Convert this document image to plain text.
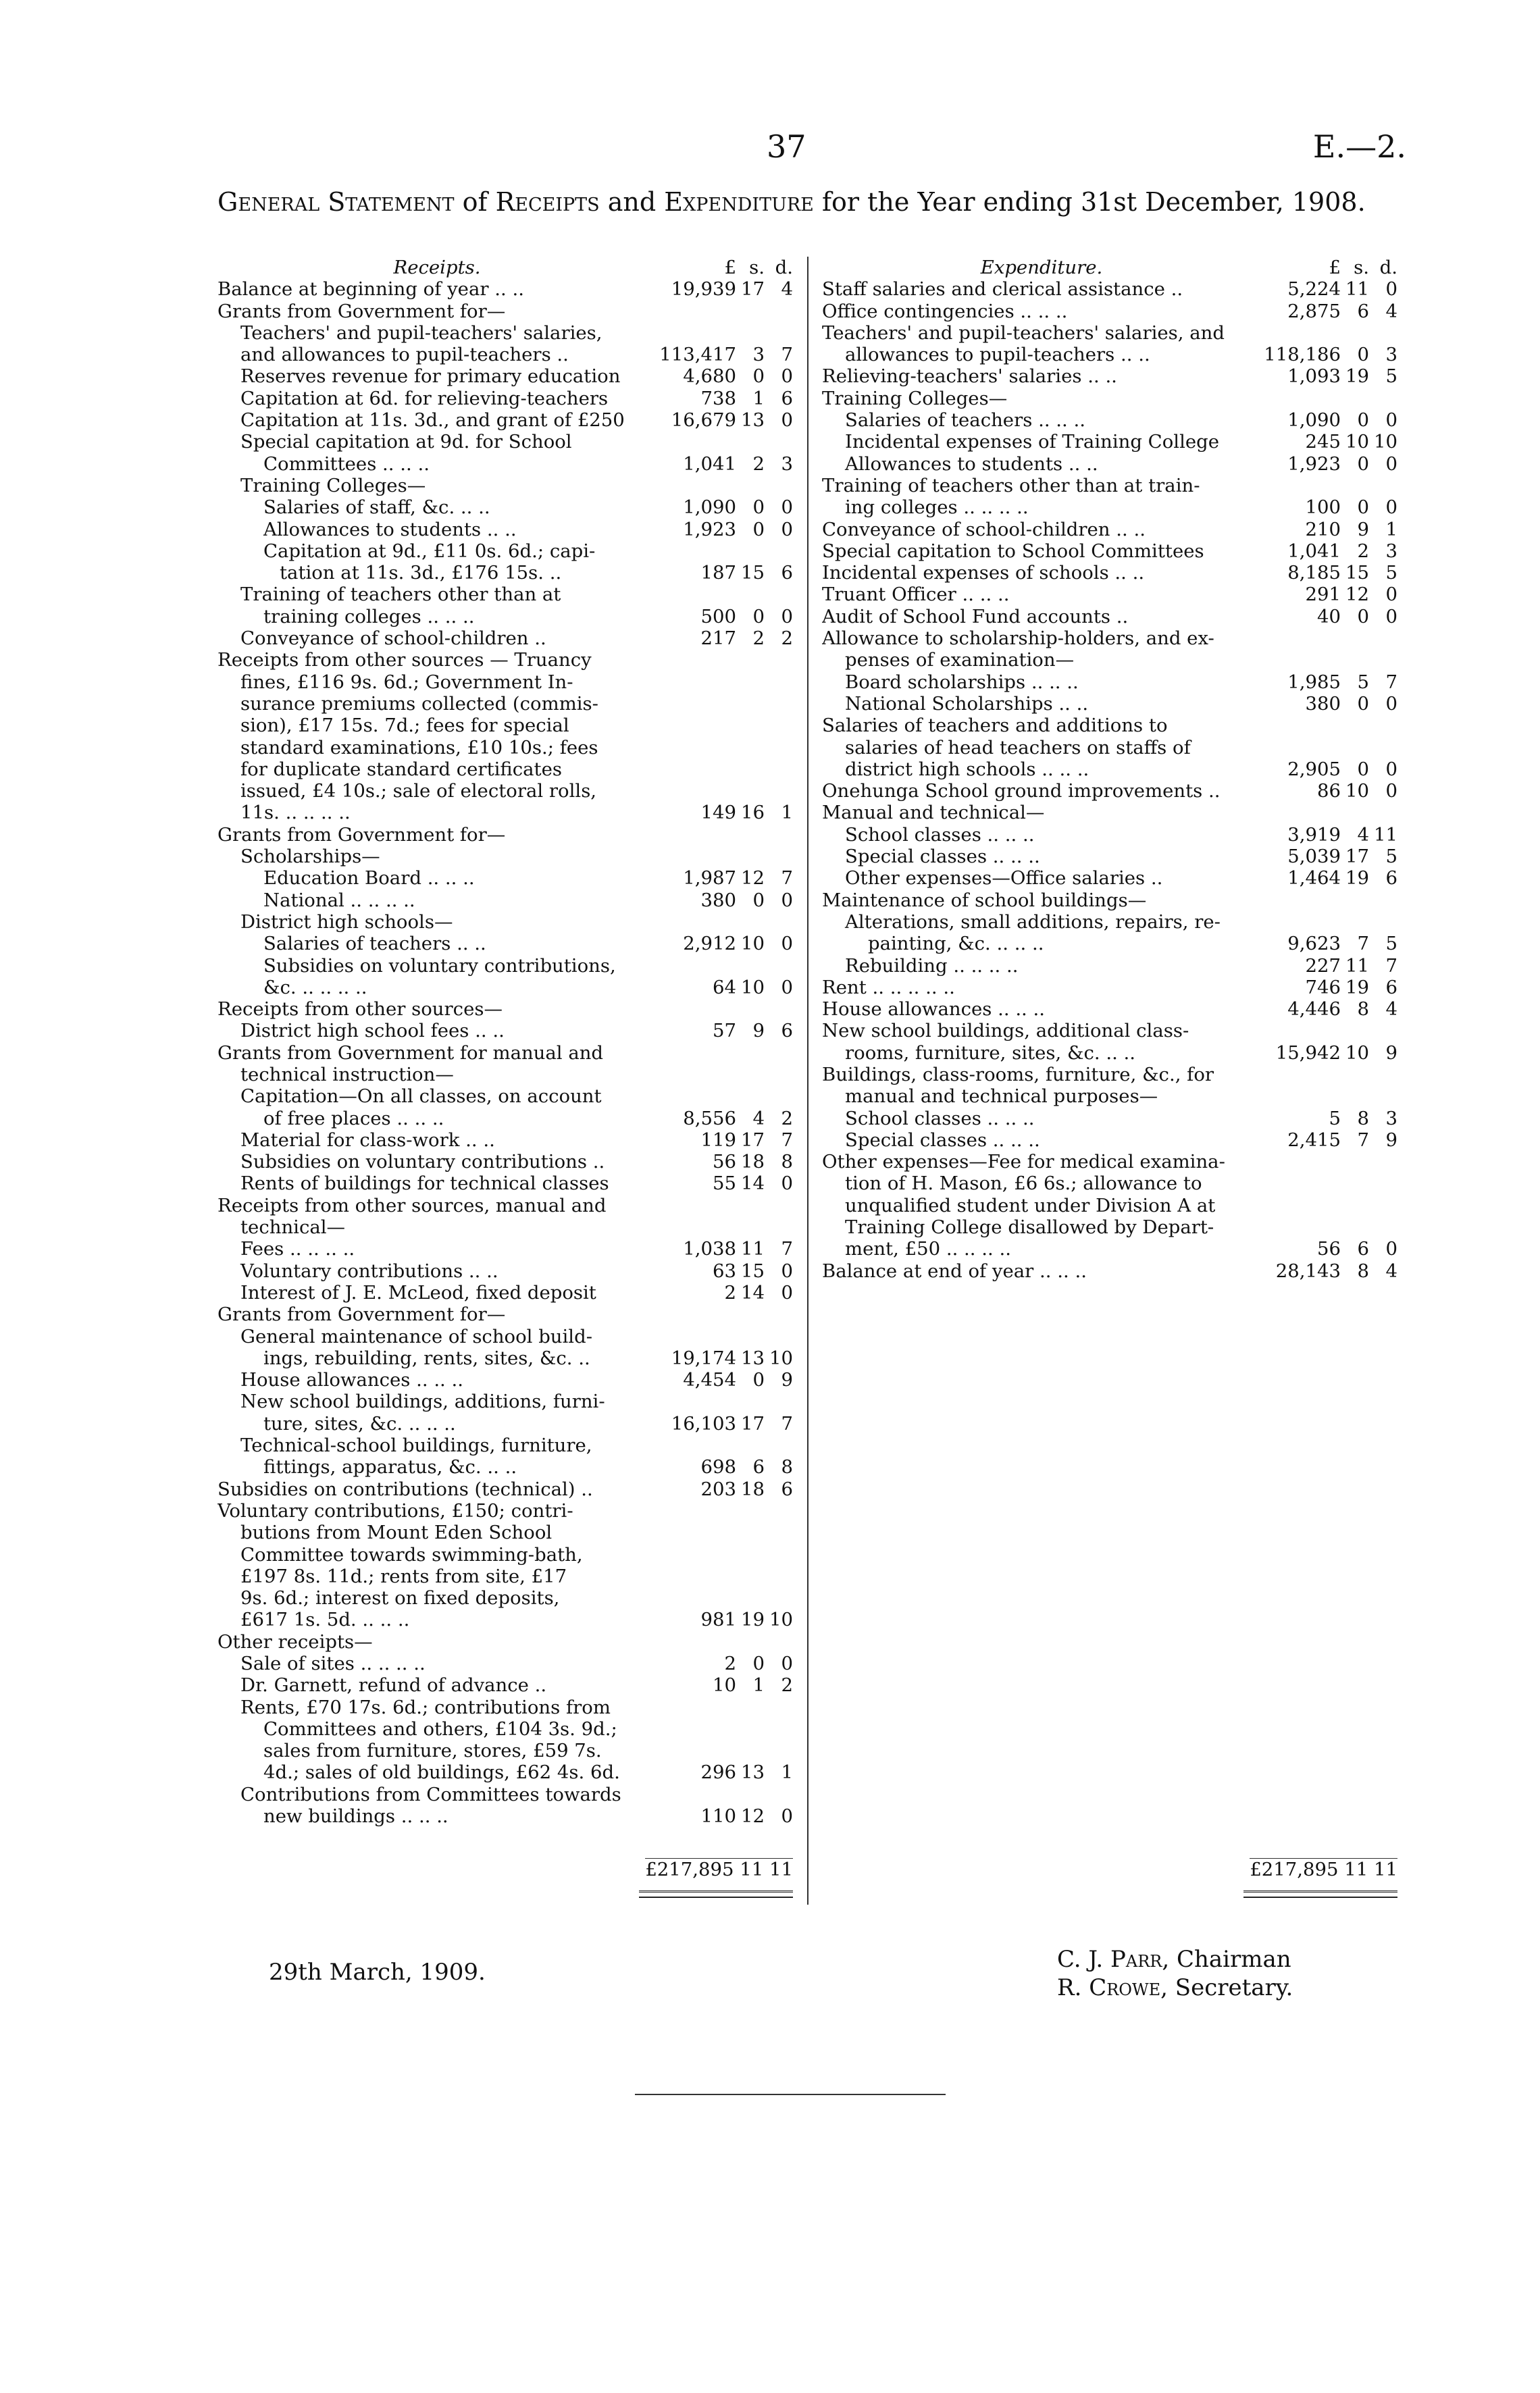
37	E.—2.
General Statement of Receipts and Expenditure for the Year ending 31st December, 1908.
Receipts.	£ s. d.
Balance at beginning of year .. ..	19,939 17 4
Grants from Government for—
Teachers' and pupil-teachers' salaries,
and allowances to pupil-teachers ..	113,417 3 7
Reserves revenue for primary education	4,680 0 0
Capitation at 6d. for relieving-teachers	738 1 6
Capitation at 11s. 3d., and grant of £250	16,679 13 0
Special capitation at 9d. for School
Committees .. .. ..	1,041 2 3
Training Colleges—
Salaries of staff, &c. .. ..	1,090 0 0
Allowances to students .. ..	1,923 0 0
Capitation at 9d., £11 0s. 6d.; capi-
tation at 11s. 3d., £176 15s. ..	187 15 6
Training of teachers other than at
training colleges .. .. ..	500 0 0
Conveyance of school-children ..	217 2 2
Receipts from other sources — Truancy
fines, £116 9s. 6d.; Government In-
surance premiums collected (commis-
sion), £17 15s. 7d.; fees for special
standard examinations, £10 10s.; fees
for duplicate standard certificates
issued, £4 10s.; sale of electoral rolls,
11s. .. .. .. ..	149 16 1
Grants from Government for—
Scholarships—
Education Board .. .. ..	1,987 12 7
National .. .. .. ..	380 0 0
District high schools—
Salaries of teachers .. ..	2,912 10 0
Subsidies on voluntary contributions,
&c. .. .. .. ..	64 10 0
Receipts from other sources—
District high school fees .. ..	57 9 6
Grants from Government for manual and
technical instruction—
Capitation—On all classes, on account
of free places .. .. ..	8,556 4 2
Material for class-work .. ..	119 17 7
Subsidies on voluntary contributions ..	56 18 8
Rents of buildings for technical classes	55 14 0
Receipts from other sources, manual and
technical—
Fees .. .. .. ..	1,038 11 7
Voluntary contributions .. ..	63 15 0
Interest of J. E. McLeod, fixed deposit	2 14 0
Grants from Government for—
General maintenance of school build-
ings, rebuilding, rents, sites, &c. ..	19,174 13 10
House allowances .. .. ..	4,454 0 9
New school buildings, additions, furni-
ture, sites, &c. .. .. ..	16,103 17 7
Technical-school buildings, furniture,
fittings, apparatus, &c. .. ..	698 6 8
Subsidies on contributions (technical) ..	203 18 6
Voluntary contributions, £150; contri-
butions from Mount Eden School
Committee towards swimming-bath,
£197 8s. 11d.; rents from site, £17
9s. 6d.; interest on fixed deposits,
£617 1s. 5d. .. .. ..	981 19 10
Other receipts—
Sale of sites .. .. .. ..	2 0 0
Dr. Garnett, refund of advance ..	10 1 2
Rents, £70 17s. 6d.; contributions from
Committees and others, £104 3s. 9d.;
sales from furniture, stores, £59 7s.
4d.; sales of old buildings, £62 4s. 6d.	296 13 1
Contributions from Committees towards
new buildings .. .. ..	110 12 0
£217,895 11 11
Expenditure.	£ s. d.
Staff salaries and clerical assistance ..	5,224 11 0
Office contingencies .. .. ..	2,875 6 4
Teachers' and pupil-teachers' salaries, and
allowances to pupil-teachers .. ..	118,186 0 3
Relieving-teachers' salaries .. ..	1,093 19 5
Training Colleges—
Salaries of teachers .. .. ..	1,090 0 0
Incidental expenses of Training College	245 10 10
Allowances to students .. ..	1,923 0 0
Training of teachers other than at train-
ing colleges .. .. .. ..	100 0 0
Conveyance of school-children .. ..	210 9 1
Special capitation to School Committees	1,041 2 3
Incidental expenses of schools .. ..	8,185 15 5
Truant Officer .. .. ..	291 12 0
Audit of School Fund accounts ..	40 0 0
Allowance to scholarship-holders, and ex-
penses of examination—
Board scholarships .. .. ..	1,985 5 7
National Scholarships .. ..	380 0 0
Salaries of teachers and additions to
salaries of head teachers on staffs of
district high schools .. .. ..	2,905 0 0
Onehunga School ground improvements ..	86 10 0
Manual and technical—
School classes .. .. ..	3,919 4 11
Special classes .. .. ..	5,039 17 5
Other expenses—Office salaries ..	1,464 19 6
Maintenance of school buildings—
Alterations, small additions, repairs, re-
painting, &c. .. .. ..	9,623 7 5
Rebuilding .. .. .. ..	227 11 7
Rent .. .. .. .. ..	746 19 6
House allowances .. .. ..	4,446 8 4
New school buildings, additional class-
rooms, furniture, sites, &c. .. ..	15,942 10 9
Buildings, class-rooms, furniture, &c., for
manual and technical purposes—
School classes .. .. ..	5 8 3
Special classes .. .. ..	2,415 7 9
Other expenses—Fee for medical examina-
tion of H. Mason, £6 6s.; allowance to
unqualified student under Division A at
Training College disallowed by Depart-
ment, £50 .. .. .. ..	56 6 0
Balance at end of year .. .. ..	28,143 8 4
£217,895 11 11
29th March, 1909.	C. J. Parr, Chairman
R. Crowe, Secretary.
